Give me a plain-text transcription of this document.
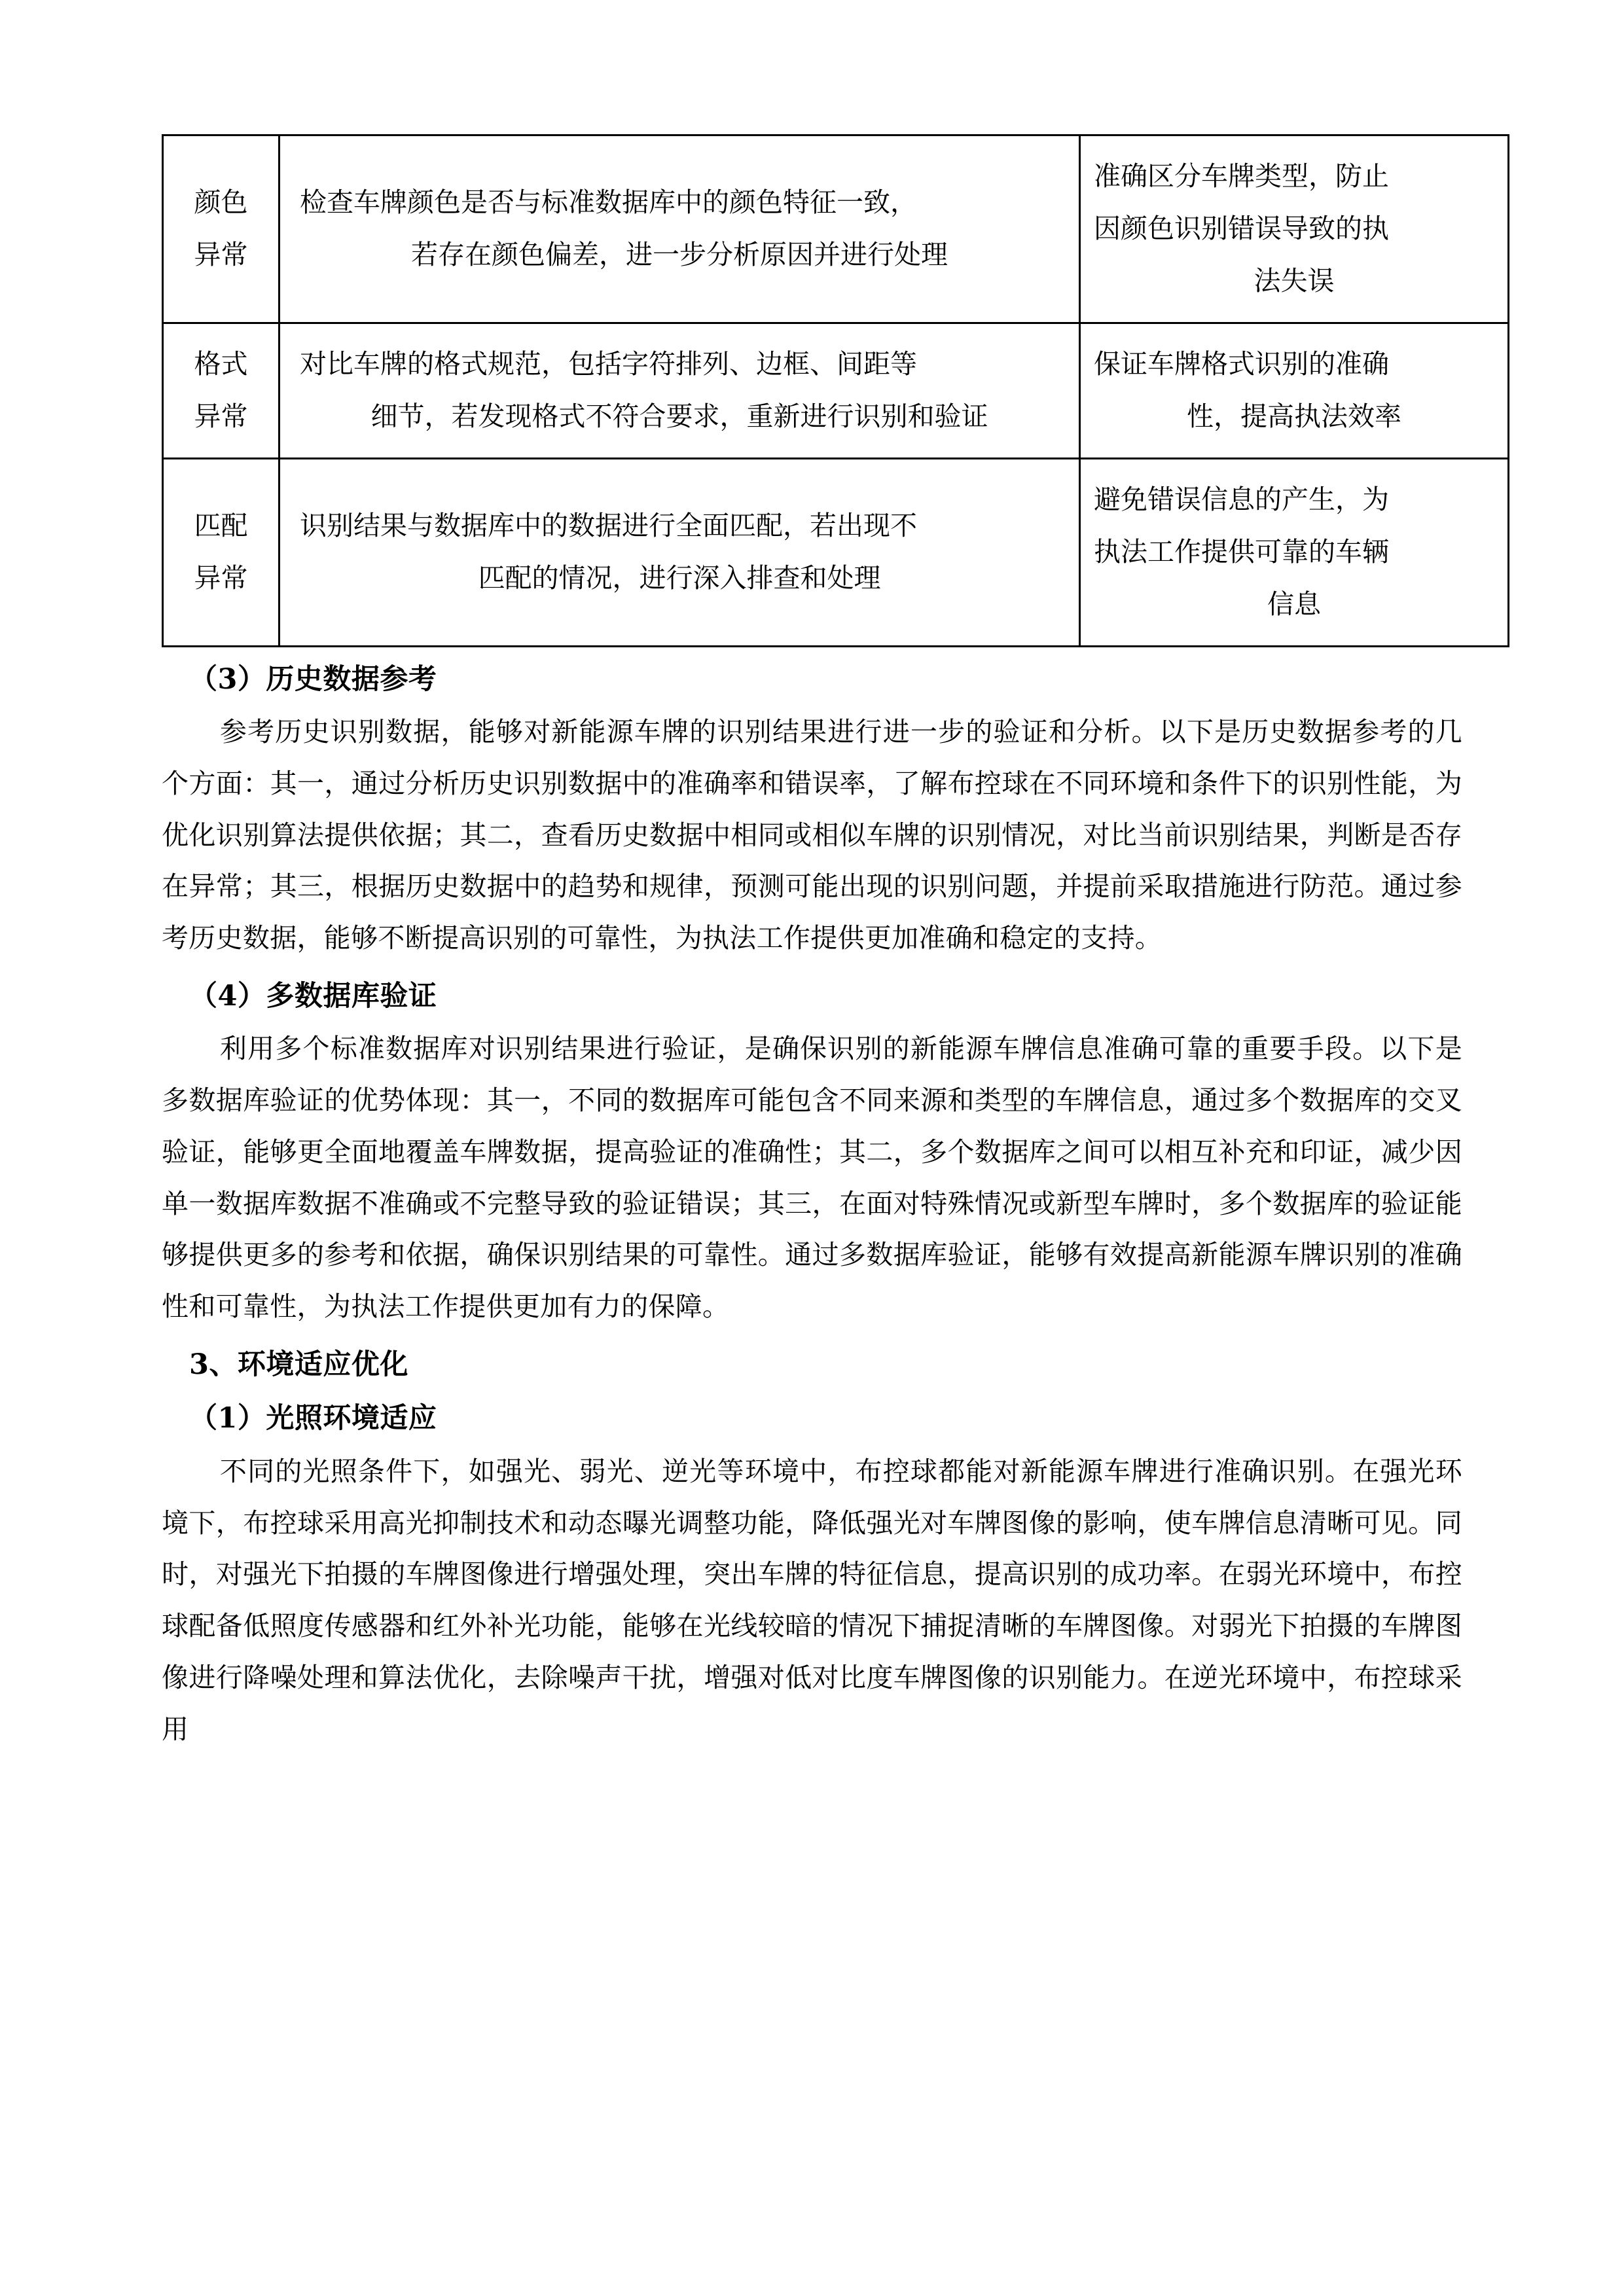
颜色
异常	检查车牌颜色是否与标准数据库中的颜色特征一致，
若存在颜色偏差，进一步分析原因并进行处理	准确区分车牌类型，防止
因颜色识别错误导致的执
法失误

格式
异常	对比车牌的格式规范，包括字符排列、边框、间距等
细节，若发现格式不符合要求，重新进行识别和验证	保证车牌格式识别的准确
性，提高执法效率

匹配
异常	识别结果与数据库中的数据进行全面匹配，若出现不
匹配的情况，进行深入排查和处理	避免错误信息的产生，为
执法工作提供可靠的车辆
信息
（3）历史数据参考

参考历史识别数据，能够对新能源车牌的识别结果进行进一步的验证和分析。以下是历史数据参考的几个方面：其一，通过分析历史识别数据中的准确率和错误率，了解布控球在不同环境和条件下的识别性能，为优化识别算法提供依据；其二，查看历史数据中相同或相似车牌的识别情况，对比当前识别结果，判断是否存在异常；其三，根据历史数据中的趋势和规律，预测可能出现的识别问题，并提前采取措施进行防范。通过参考历史数据，能够不断提高识别的可靠性，为执法工作提供更加准确和稳定的支持。

（4）多数据库验证

利用多个标准数据库对识别结果进行验证，是确保识别的新能源车牌信息准确可靠的重要手段。以下是多数据库验证的优势体现：其一，不同的数据库可能包含不同来源和类型的车牌信息，通过多个数据库的交叉验证，能够更全面地覆盖车牌数据，提高验证的准确性；其二，多个数据库之间可以相互补充和印证，减少因单一数据库数据不准确或不完整导致的验证错误；其三，在面对特殊情况或新型车牌时，多个数据库的验证能够提供更多的参考和依据，确保识别结果的可靠性。通过多数据库验证，能够有效提高新能源车牌识别的准确性和可靠性，为执法工作提供更加有力的保障。

3、环境适应优化
（1）光照环境适应

不同的光照条件下，如强光、弱光、逆光等环境中，布控球都能对新能源车牌进行准确识别。在强光环境下，布控球采用高光抑制技术和动态曝光调整功能，降低强光对车牌图像的影响，使车牌信息清晰可见。同时，对强光下拍摄的车牌图像进行增强处理，突出车牌的特征信息，提高识别的成功率。在弱光环境中，布控球配备低照度传感器和红外补光功能，能够在光线较暗的情况下捕捉清晰的车牌图像。对弱光下拍摄的车牌图像进行降噪处理和算法优化，去除噪声干扰，增强对低对比度车牌图像的识别能力。在逆光环境中，布控球采用
